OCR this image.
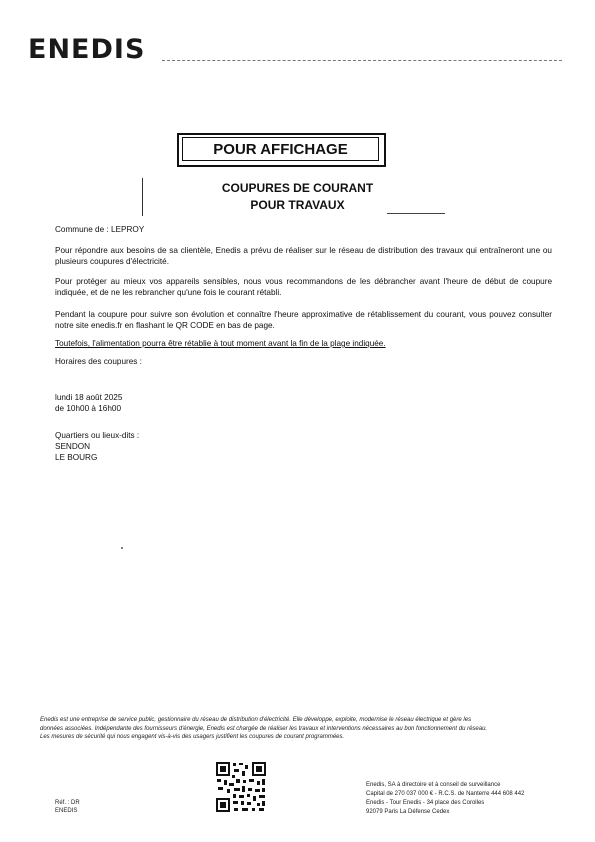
ENEDIS
POUR AFFICHAGE
COUPURES DE COURANT
POUR TRAVAUX
Commune de : LEPROY
Pour répondre aux besoins de sa clientèle, Enedis a prévu de réaliser sur le réseau de distribution des travaux qui entraîneront une ou plusieurs coupures d'électricité.
Pour protéger au mieux vos appareils sensibles, nous vous recommandons de les débrancher avant l'heure de début de coupure indiquée, et de ne les rebrancher qu'une fois le courant rétabli.
Pendant la coupure pour suivre son évolution et connaître l'heure approximative de rétablissement du courant, vous pouvez consulter notre site enedis.fr en flashant le QR CODE en bas de page.
Toutefois, l'alimentation pourra être rétablie à tout moment avant la fin de la plage indiquée.
Horaires des coupures :
lundi 18 août 2025
de 10h00 à 16h00
Quartiers ou lieux-dits :
SENDON
LE BOURG
Enedis est une entreprise de service public, gestionnaire du réseau de distribution d'électricité. Elle développe, exploite, modernise le réseau électrique et gère les
données associées. Indépendante des fournisseurs d'énergie, Enedis est chargée de réaliser les travaux et interventions nécessaires au bon fonctionnement du réseau.
Les mesures de sécurité qui nous engagent vis-à-vis des usagers justifient les coupures de courant programmées.
Réf. : DR
ENEDIS
Enedis, SA à directoire et à conseil de surveillance
Capital de 270 037 000 € - R.C.S. de Nanterre 444 608 442
Enedis - Tour Enedis - 34 place des Corolles
92079 Paris La Défense Cedex
